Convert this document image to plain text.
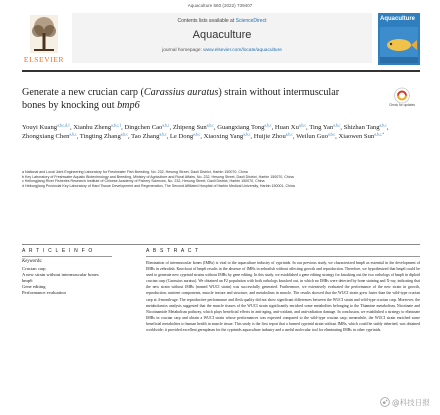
Aquaculture 560 (2022) 739407
ELSEVIER
Contents lists available at ScienceDirect
Aquaculture
journal homepage: www.elsevier.com/locate/aquaculture
Aquaculture
Generate a new crucian carp (Carassius auratus) strain without intermuscular bones by knocking out bmp6	Check for updates
Youyi Kuang$^{a,b,c,d,1}$, Xianhu Zheng$^{a,b,c,1}$, Dingchen Cao$^{a,b,c}$, Zhipeng Sun$^{a,b,c}$, Guangxiang Tong$^{a,b,c}$, Huan Xu$^{a,b,c}$, Ting Yan$^{a,b,c}$, Shizhan Tang$^{a,b,c}$, Zhongxiang Chen$^{a,b,c}$, Tingting Zhang$^{a,b,c}$, Tao Zhang$^{a,b,c}$, Le Dong$^{a,b,c}$, Xiaoxing Yang$^{a,b,c}$, Huijie Zhou$^{a,b,c}$, Weilun Guo$^{a,b,c}$, Xiaowen Sun$^{a,b,c,*}$

a National and Local Joint Engineering Laboratory for Freshwater Fish Breeding, No. 232, Hesong Street, Daoli District, Harbin 150070, China

b Key Laboratory of Freshwater Aquatic Biotechnology and Breeding, Ministry of Agriculture and Rural Affairs, No. 232, Hesong Street, Daoli District, Harbin 150070, China

c Heilongjiang River Fisheries Research Institute of Chinese Academy of Fishery Sciences, No. 232, Hesong Street, Daoli District, Harbin 150070, China

d Heilongjiang Provincial Key Laboratory of Hard Tissue Development and Regeneration, The Second Affiliated Hospital of Harbin Medical University, Harbin 150001, China

A R T I C L E I N F O
Keywords:
Crucian carp
A new strain without intermuscular bones
bmp6
Gene editing
Performance evaluation
A B S T R A C T
Elimination of intermuscular bones (IMBs) is vital to the aquaculture industry of cyprinids. In our previous study, we characterized bmp6 as essential in the development of IMBs in zebrafish. Knockout of bmp6 results in the absence of IMBs in zebrafish without affecting growth and reproduction. Therefore, we hypothesized that bmp6 could be used to generate new cyprinid strains without IMBs by gene editing. In this study, we established a gene editing strategy for knocking out the two orthologs of bmp6 in diploid crucian carp (Carassius auratus). We obtained an F2 population with both orthologs knocked out, in which no IMBs were detected by bone staining and X-ray, indicating that the new strain without IMBs (named WUCI strain) was successfully generated. Furthermore, we extensively evaluated the performance of the new strain in growth, reproduction, nutrient components, muscle texture and structure, and metabolism in muscle. The results showed that the WUCI strain grew faster than the wild-type crucian carp at 4-month-age. The reproductive performance and flesh quality did not show significant differences between the WUCI strain and wild-type crucian carp. Moreover, the metabolomics analysis suggested that the muscle tissues of the WUCI strain significantly enriched some metabolites belonging to the Thiamine metabolism, Nicotinate and Nicotinamide Metabolism pathway, which plays beneficial effects in anti-aging, anti-oxidant, and anti-radiation damage. In conclusion, we established a strategy to eliminate IMBs in crucian carp and obtain a WUCI strain whose performances was expected compared to the wild-type crucian carp; meanwhile, the WUCI strain enriched some beneficial metabolites to human health in muscle tissue. This study is the first report that a farmed cyprinid strain without IMBs, which could be stably inherited, was obtained worldwide; it provided excellent germplasm for the cyprinids aquaculture industry and a useful molecular tool for eliminating IMBs in other cyprinids.
@科技日报
